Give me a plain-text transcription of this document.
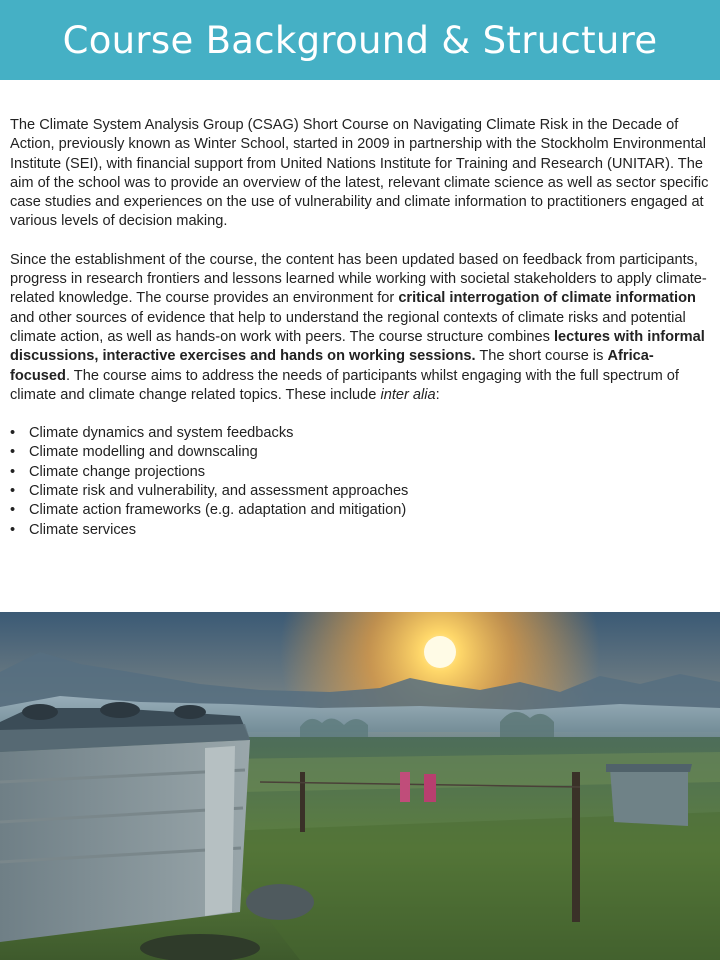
Course Background & Structure

The Climate System Analysis Group (CSAG) Short Course on Navigating Climate Risk in the Decade of Action, previously known as Winter School, started in 2009 in partnership with the Stockholm Environmental Institute (SEI), with financial support from United Nations Institute for Training and Research (UNITAR). The aim of the school was to provide an overview of the latest, relevant climate science as well as sector specific case studies and experiences on the use of vulnerability and climate information to practitioners engaged at various levels of decision making.

Since the establishment of the course, the content has been updated based on feedback from participants, progress in research frontiers and lessons learned while working with societal stakeholders to apply climate-related knowledge. The course provides an environment for critical interrogation of climate information and other sources of evidence that help to understand the regional contexts of climate risks and potential climate action, as well as hands-on work with peers. The course structure combines lectures with informal discussions, interactive exercises and hands on working sessions. The short course is Africa-focused. The course aims to address the needs of participants whilst engaging with the full spectrum of climate and climate change related topics. These include inter alia:

• Climate dynamics and system feedbacks
• Climate modelling and downscaling
• Climate change projections
• Climate risk and vulnerability, and assessment approaches
• Climate action frameworks (e.g. adaptation and mitigation)
• Climate services
